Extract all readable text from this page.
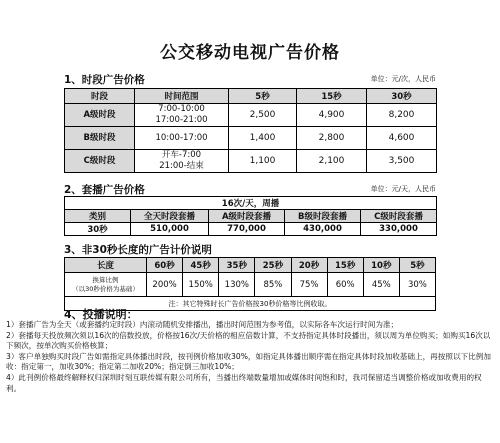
公交移动电视广告价格
1、时段广告价格	单位：元/次，人民币
时段	时间范围	5秒	15秒	30秒
A级时段	7:00-10:00
17:00-21:00	2,500	4,900	8,200
B级时段	10:00-17:00	1,400	2,800	4,600
C级时段	开车-7:00
21:00-结束	1,100	2,100	3,500
2、套播广告价格	单位：元/天，人民币
16次/天，周播				
类别	全天时段套播	A级时段套播	B级时段套播	C级时段套播
30秒	510,000	770,000	430,000	330,000
3、非30秒长度的广告计价说明
长度	60秒	45秒	35秒	25秒	20秒	15秒	10秒	5秒
换算比例
（以30秒价格为基础）	200%	150%	130%	85%	75%	60%	45%	30%
注：其它特殊时长广告价格按30秒价格等比例收取。								
4、投播说明：

1）套播广告为全天（或套播约定时段）内滚动随机安排播出，播出时间范围为参考值，以实际各车次运行时间为准；

2）套播每天投放频次须以16次的倍数投放，价格按16次/天价格的相应倍数计算，不支持指定具体时段播出，须以周为单位购买；如购买16次以下频次，按单次购买价格核算；

3）客户单独购买时段广告如需指定具体播出时段，按刊例价格加收30%，如指定具体播出顺序需在指定具体时段加收基础上，再按照以下比例加收：指定第一，加收30%；指定第二加收20%；指定倒三加收10%；

4）此刊例价格最终解释权归深圳时刻互联传媒有限公司所有，当播出终端数量增加或媒体时间饱和时，我司保留适当调整价格或加收费用的权利。
